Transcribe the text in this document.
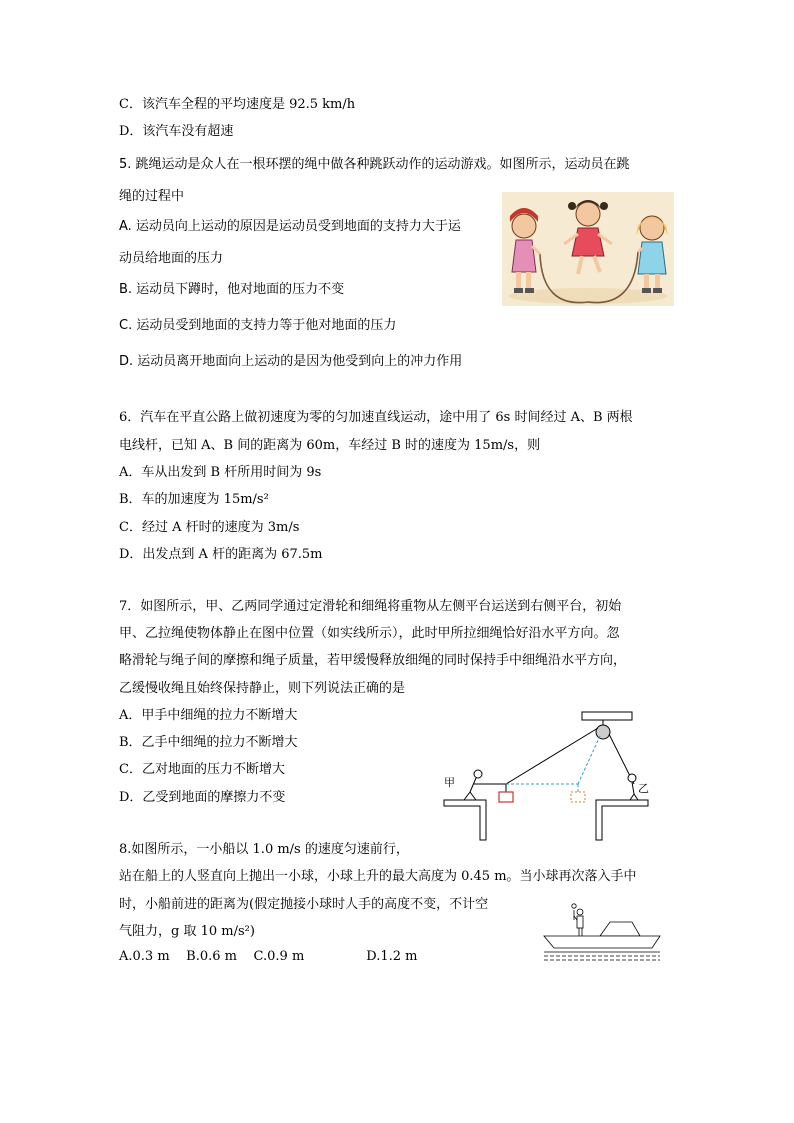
C．该汽车全程的平均速度是 92.5 km/h
D．该汽车没有超速
5. 跳绳运动是众人在一根环摆的绳中做各种跳跃动作的运动游戏。如图所示，运动员在跳
绳的过程中
A. 运动员向上运动的原因是运动员受到地面的支持力大于运
动员给地面的压力
B. 运动员下蹲时，他对地面的压力不变
C. 运动员受到地面的支持力等于他对地面的压力
D. 运动员离开地面向上运动的是因为他受到向上的冲力作用
6．汽车在平直公路上做初速度为零的匀加速直线运动，途中用了 6s 时间经过 A、B 两根
电线杆，已知 A、B 间的距离为 60m，车经过 B 时的速度为 15m/s，则
A．车从出发到 B 杆所用时间为 9s
B．车的加速度为 15m/s²
C．经过 A 杆时的速度为 3m/s
D．出发点到 A 杆的距离为 67.5m
7．如图所示，甲、乙两同学通过定滑轮和细绳将重物从左侧平台运送到右侧平台，初始
甲、乙拉绳使物体静止在图中位置（如实线所示），此时甲所拉细绳恰好沿水平方向。忽
略滑轮与绳子间的摩擦和绳子质量，若甲缓慢释放细绳的同时保持手中细绳沿水平方向，
乙缓慢收绳且始终保持静止，则下列说法正确的是
A．甲手中细绳的拉力不断增大
B．乙手中细绳的拉力不断增大
C．乙对地面的压力不断增大
D．乙受到地面的摩擦力不变
甲	乙
8.如图所示，一小船以 1.0 m/s 的速度匀速前行，
站在船上的人竖直向上抛出一小球，小球上升的最大高度为 0.45 m。当小球再次落入手中
时，小船前进的距离为(假定抛接小球时人手的高度不变，不计空
气阻力，g 取 10 m/s²)
A.0.3 m    B.0.6 m    C.0.9 m               D.1.2 m
